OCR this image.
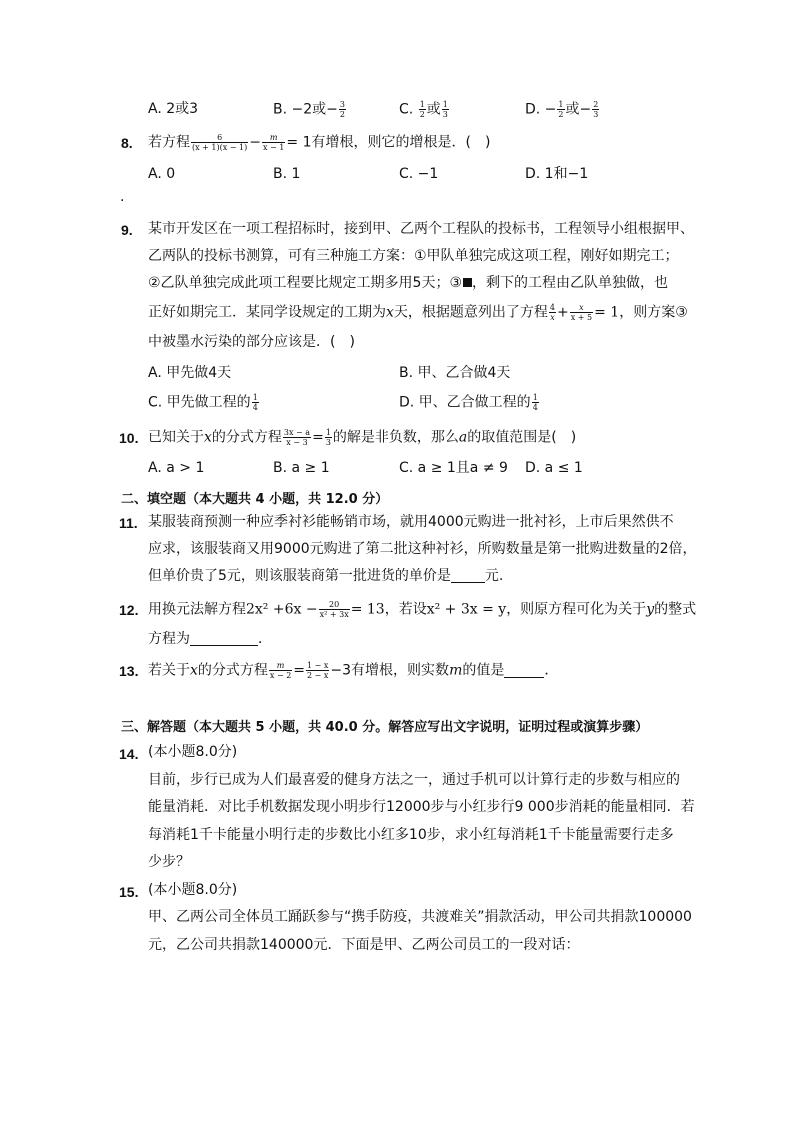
A. 2或3	B. −2或− $\frac{3}{2}$	C. $\frac{1}{2}$ 或 $\frac{1}{3}$	D. − $\frac{1}{2}$ 或− $\frac{2}{3}$
8. 若方程 $\frac{6}{(x + 1)(x - 1)} - \frac{m}{x - 1} = 1$有增根，则它的增根是．(　)
A. 0	B. 1	C. −1	D. 1和−1
.
9. 某市开发区在一项工程招标时，接到甲、乙两个工程队的投标书，工程领导小组根据甲、
乙两队的投标书测算，可有三种施工方案：①甲队单独完成这项工程，刚好如期完工；
②乙队单独完成此项工程要比规定工期多用5天；③ ，剩下的工程由乙队单独做，也
正好如期完工．某同学设规定的工期为x天，根据题意列出了方程 $\frac{4}{x} + \frac{x}{x + 5} = 1$，则方案③
中被墨水污染的部分应该是．(　)
A. 甲先做4天	B. 甲、乙合做4天
C. 甲先做工程的 $\frac{1}{4}$	D. 甲、乙合做工程的 $\frac{1}{4}$
10. 已知关于x的分式方程 $\frac{3x - a}{x - 3} = \frac{1}{3}$ 的解是非负数，那么a的取值范围是(　)
A. a > 1	B. a ≥ 1	C. a ≥ 1且a ≠ 9 D. a ≤ 1
二、填空题（本大题共 4 小题，共 12.0 分）
11. 某服装商预测一种应季衬衫能畅销市场，就用4000元购进一批衬衫，上市后果然供不
应求，该服装商又用9000元购进了第二批这种衬衫，所购数量是第一批购进数量的2倍，
但单价贵了5元，则该服装商第一批进货的单价是 元.
12. 用换元法解方程$2x^2 +6x - \frac{20}{\text{x² + 3x}} = 13$，若设x² + 3x = y，则原方程可化为关于y的整式
方程为	．
13. 若关于x的分式方程 $\frac{m}{x - 2} = \frac{1 - x}{2 - x} -3$有增根，则实数m的值是	．
三、解答题（本大题共 5 小题，共 40.0 分。解答应写出文字说明，证明过程或演算步骤）
14. (本小题8.0分)
目前，步行已成为人们最喜爱的健身方法之一，通过手机可以计算行走的步数与相应的
能量消耗．对比手机数据发现小明步行12000步与小红步行9 000步消耗的能量相同．若
每消耗1千卡能量小明行走的步数比小红多10步，求小红每消耗1千卡能量需要行走多
少步？
15. (本小题8.0分)
甲、乙两公司全体员工踊跃参与“携手防疫，共渡难关”捐款活动，甲公司共捐款100000
元，乙公司共捐款140000元．下面是甲、乙两公司员工的一段对话：
